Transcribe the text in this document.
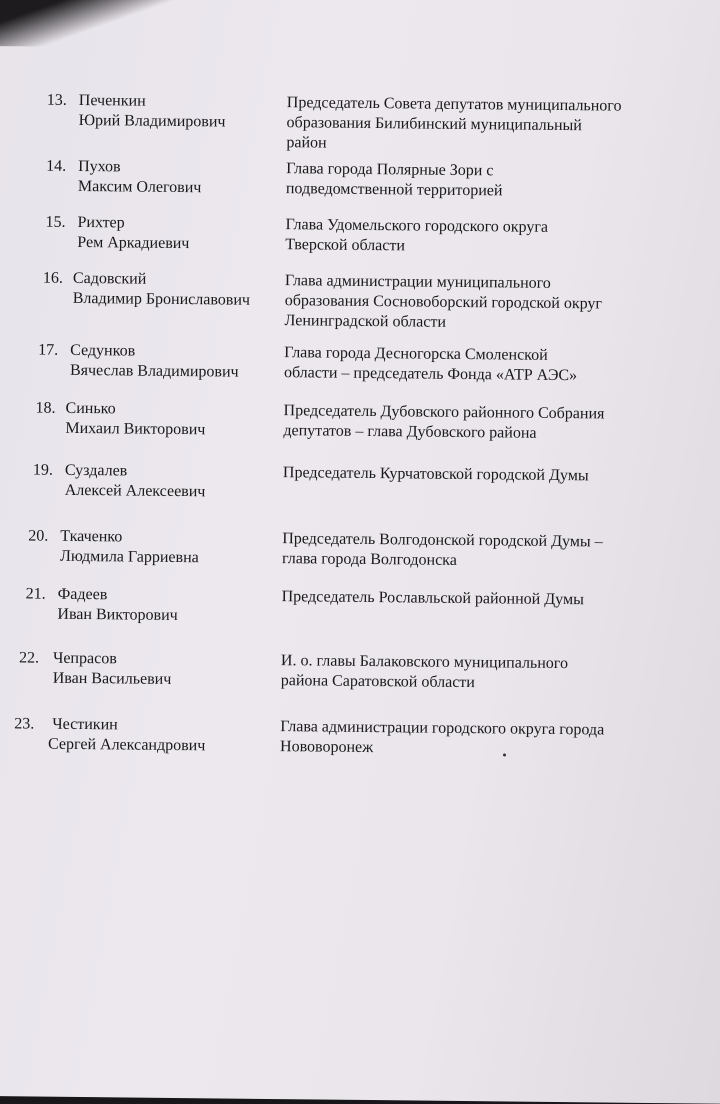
13. Печенкин
Юрий Владимирович
Председатель Совета депутатов муниципального
образования Билибинский муниципальный
район
14. Пухов
Максим Олегович
Глава города Полярные Зори с
подведомственной территорией
15. Рихтер
Рем Аркадиевич
Глава Удомельского городского округа
Тверской области
16. Садовский
Владимир Брониславович
Глава администрации муниципального
образования Сосновоборский городской округ
Ленинградской области
17. Седунков
Вячеслав Владимирович
Глава города Десногорска Смоленской
области – председатель Фонда «АТР АЭС»
18. Синько
Михаил Викторович
Председатель Дубовского районного Собрания
депутатов – глава Дубовского района
19. Суздалев
Алексей Алексеевич
Председатель Курчатовской городской Думы
20. Ткаченко
Людмила Гарриевна
Председатель Волгодонской городской Думы –
глава города Волгодонска
21. Фадеев
Иван Викторович
Председатель Рославльской районной Думы
22. Чепрасов
Иван Васильевич
И. о. главы Балаковского муниципального
района Саратовской области
23. Честикин
Сергей Александрович
Глава администрации городского округа города
Нововоронеж
